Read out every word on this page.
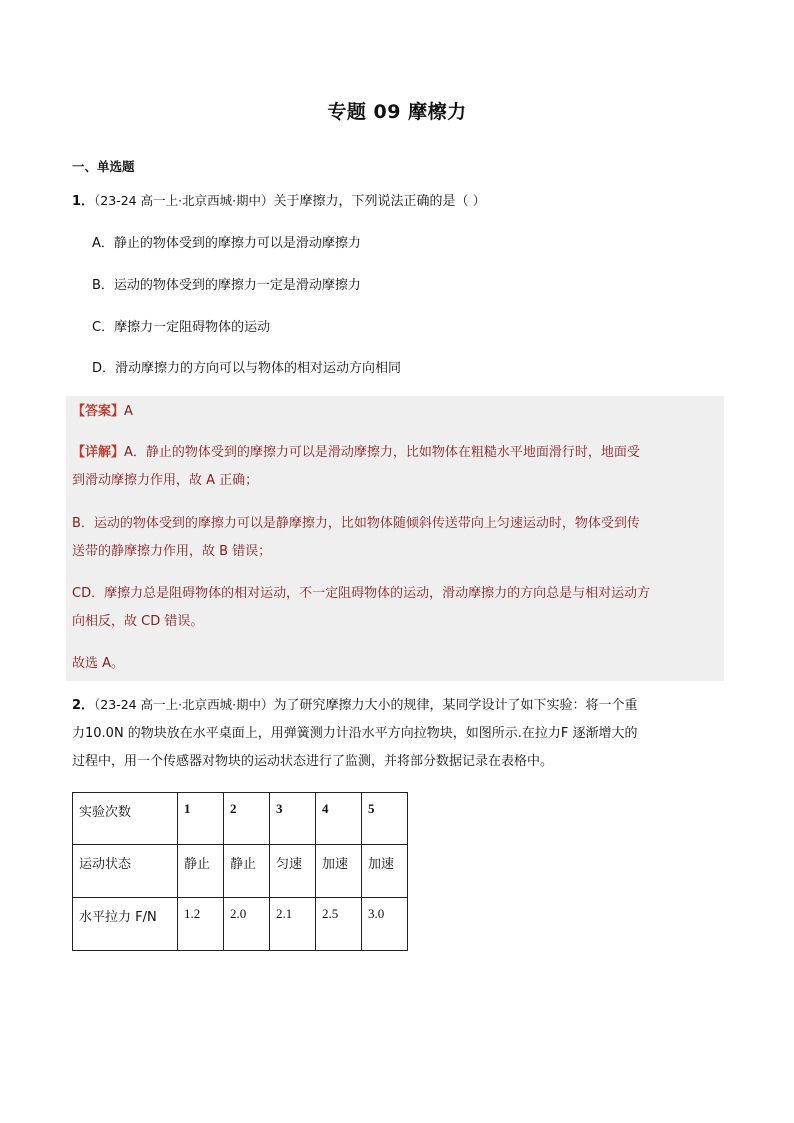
专题 09 摩檫力
一、单选题
1．（23-24 高一上·北京西城·期中）关于摩擦力，下列说法正确的是（ ）
A．静止的物体受到的摩擦力可以是滑动摩擦力
B．运动的物体受到的摩擦力一定是滑动摩擦力
C．摩擦力一定阻碍物体的运动
D．滑动摩擦力的方向可以与物体的相对运动方向相同
【答案】A
【详解】A．静止的物体受到的摩擦力可以是滑动摩擦力，比如物体在粗糙水平地面滑行时，地面受
到滑动摩擦力作用，故 A 正确；
B．运动的物体受到的摩擦力可以是静摩擦力，比如物体随倾斜传送带向上匀速运动时，物体受到传
送带的静摩擦力作用，故 B 错误；
CD．摩擦力总是阻碍物体的相对运动，不一定阻碍物体的运动，滑动摩擦力的方向总是与相对运动方
向相反，故 CD 错误。
故选 A。
2．（23-24 高一上·北京西城·期中）为了研究摩擦力大小的规律，某同学设计了如下实验：将一个重
力10.0N 的物块放在水平桌面上，用弹簧测力计沿水平方向拉物块，如图所示.在拉力F 逐渐增大的
过程中，用一个传感器对物块的运动状态进行了监测，并将部分数据记录在表格中。
实验次数	1	2	3	4	5
运动状态	静止	静止	匀速	加速	加速
水平拉力 F/N	1.2	2.0	2.1	2.5	3.0
